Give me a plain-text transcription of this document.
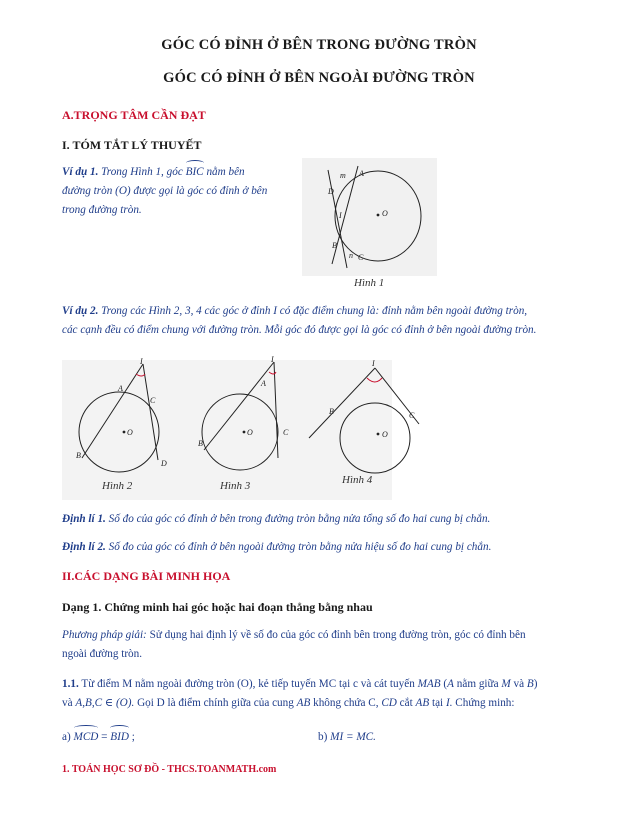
GÓC CÓ ĐỈNH Ở BÊN TRONG ĐƯỜNG TRÒN
GÓC CÓ ĐỈNH Ở BÊN NGOÀI ĐƯỜNG TRÒN
A.TRỌNG TÂM CẦN ĐẠT
I. TÓM TẮT LÝ THUYẾT
Ví dụ 1. Trong Hình 1, góc BIC nằm bên
đường tròn (O) được gọi là góc có đỉnh ở bên
trong đường tròn.
m A
D
I	O
B
n C
Hình 1
Ví dụ 2. Trong các Hình 2, 3, 4 các góc ở đỉnh I có đặc điểm chung là: đỉnh nằm bên ngoài đường tròn,
các cạnh đều có điểm chung với đường tròn. Mỗi góc đó được gọi là góc có đỉnh ở bên ngoài đường tròn.
I
A
C
O
B
D
Hình 2
I
A
O	C
B
Hình 3
I
B	C
O
Hình 4
Định lí 1. Số đo của góc có đỉnh ở bên trong đường tròn bằng nửa tổng số đo hai cung bị chắn.
Định lí 2. Số đo của góc có đỉnh ở bên ngoài đường tròn bằng nửa hiệu số đo hai cung bị chắn.
II.CÁC DẠNG BÀI MINH HỌA
Dạng 1. Chứng minh hai góc hoặc hai đoạn thẳng bằng nhau
Phương pháp giải: Sử dụng hai định lý về số đo của góc có đỉnh bên trong đường tròn, góc có đỉnh bên
ngoài đường tròn.
1.1. Từ điểm M nằm ngoài đường tròn (O), kẻ tiếp tuyến MC tại c và cát tuyến MAB (A nằm giữa M và B)
và A,B,C ∈ (O). Gọi D là điểm chính giữa của cung AB không chứa C, CD cắt AB tại I. Chứng minh:
a) MCD = BID ;	b) MI = MC.
1. TOÁN HỌC SƠ ĐỒ - THCS.TOANMATH.com
